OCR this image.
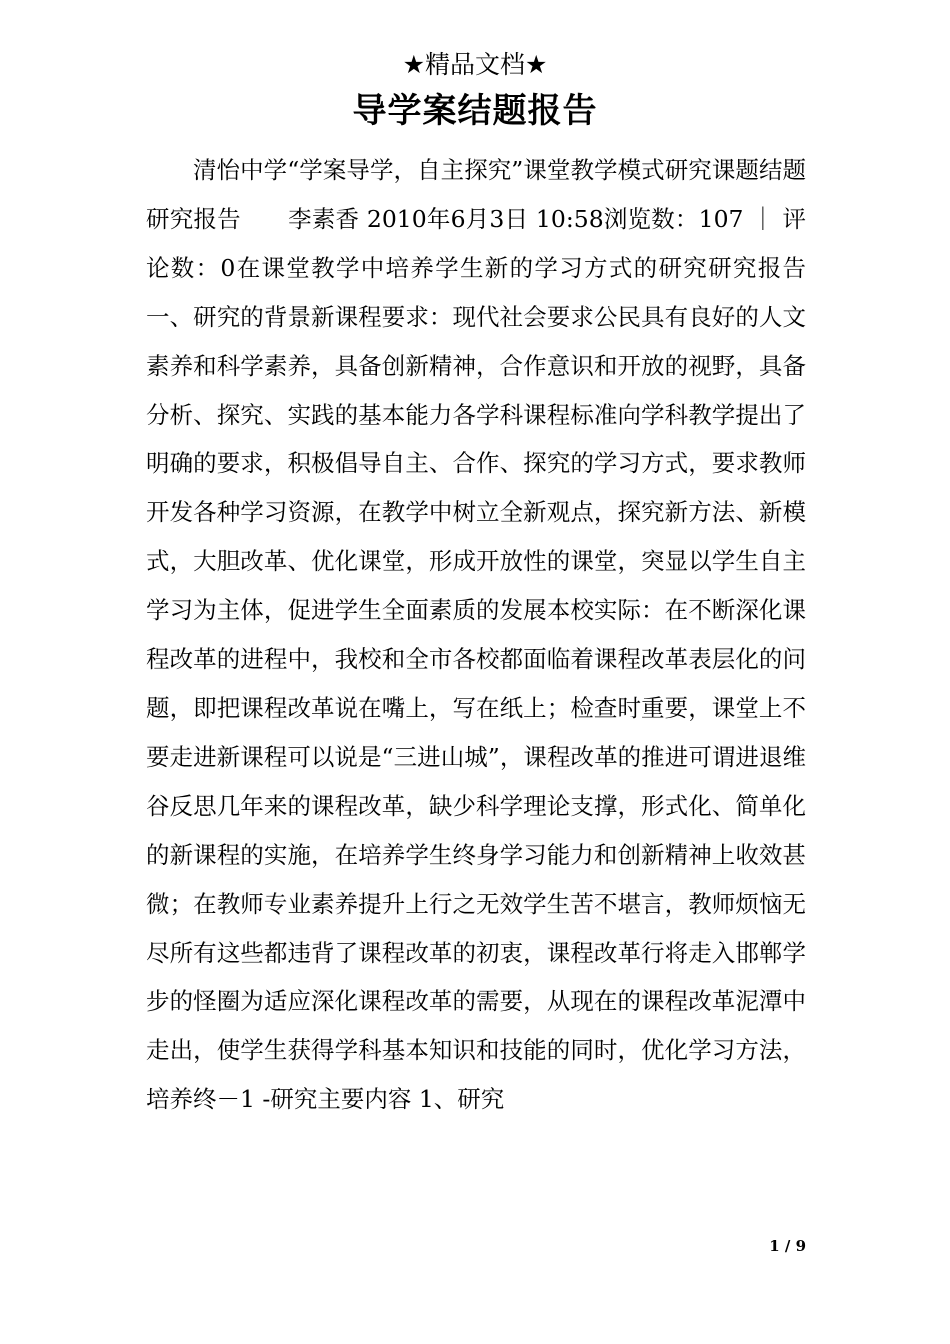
★精品文档★
导学案结题报告

清怡中学“学案导学，自主探究”课堂教学模式研究课题结题研究报告　　李素香 2010年6月3日 10:58浏览数：107 ｜ 评论数：0在课堂教学中培养学生新的学习方式的研究研究报告一、研究的背景新课程要求：现代社会要求公民具有良好的人文素养和科学素养，具备创新精神，合作意识和开放的视野，具备分析、探究、实践的基本能力各学科课程标准向学科教学提出了明确的要求，积极倡导自主、合作、探究的学习方式，要求教师开发各种学习资源，在教学中树立全新观点，探究新方法、新模式，大胆改革、优化课堂，形成开放性的课堂，突显以学生自主学习为主体，促进学生全面素质的发展本校实际：在不断深化课程改革的进程中，我校和全市各校都面临着课程改革表层化的问题，即把课程改革说在嘴上，写在纸上；检查时重要，课堂上不要走进新课程可以说是“三进山城”，课程改革的推进可谓进退维谷反思几年来的课程改革，缺少科学理论支撑，形式化、简单化的新课程的实施，在培养学生终身学习能力和创新精神上收效甚微；在教师专业素养提升上行之无效学生苦不堪言，教师烦恼无尽所有这些都违背了课程改革的初衷，课程改革行将走入邯郸学步的怪圈为适应深化课程改革的需要，从现在的课程改革泥潭中走出，使学生获得学科基本知识和技能的同时，优化学习方法，培养终－1 -研究主要内容 1、研究

1 / 9
